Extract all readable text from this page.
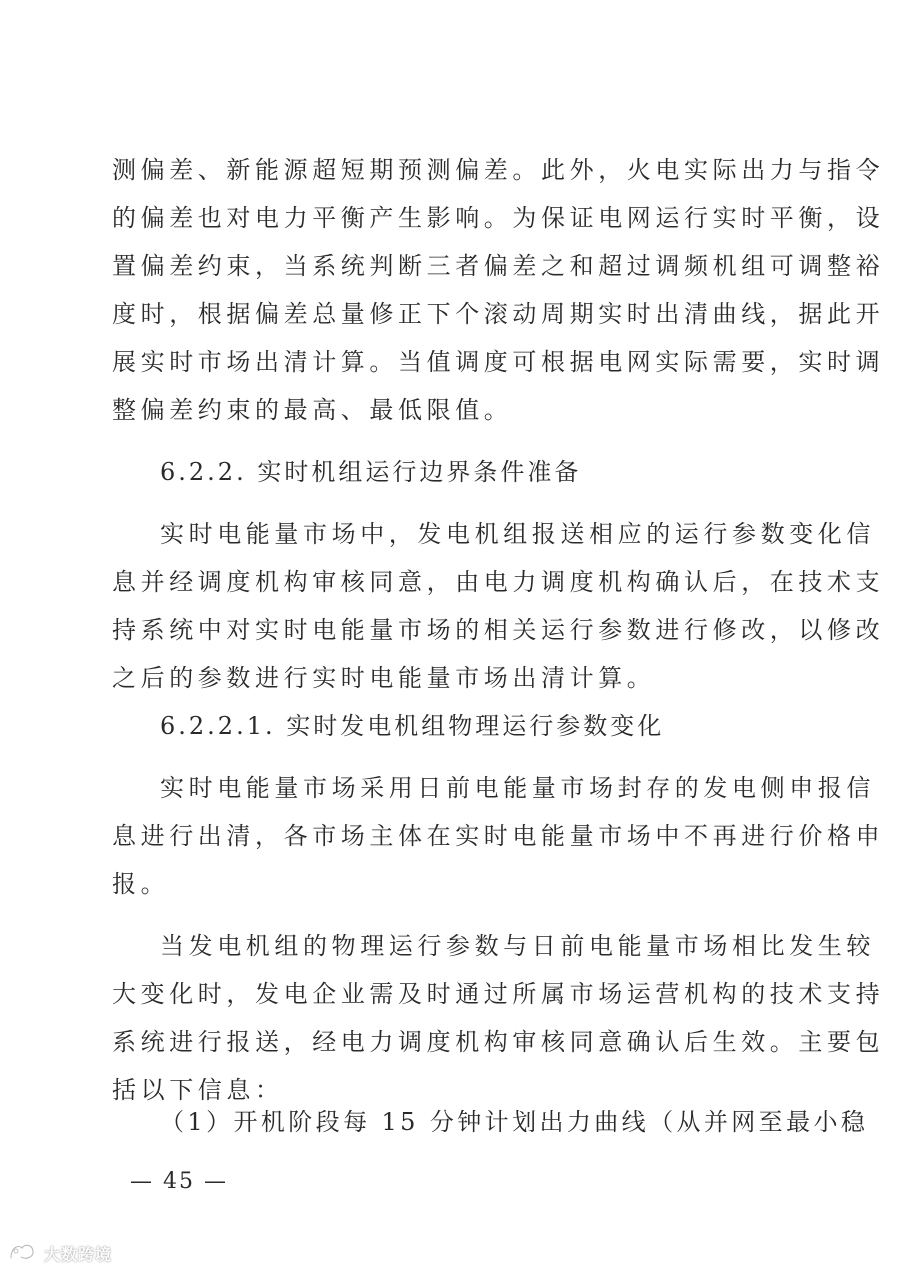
测偏差、新能源超短期预测偏差。此外，火电实际出力与指令
的偏差也对电力平衡产生影响。为保证电网运行实时平衡，设
置偏差约束，当系统判断三者偏差之和超过调频机组可调整裕
度时，根据偏差总量修正下个滚动周期实时出清曲线，据此开
展实时市场出清计算。当值调度可根据电网实际需要，实时调
整偏差约束的最高、最低限值。
6.2.2. 实时机组运行边界条件准备
实时电能量市场中，发电机组报送相应的运行参数变化信
息并经调度机构审核同意，由电力调度机构确认后，在技术支
持系统中对实时电能量市场的相关运行参数进行修改，以修改
之后的参数进行实时电能量市场出清计算。
6.2.2.1. 实时发电机组物理运行参数变化
实时电能量市场采用日前电能量市场封存的发电侧申报信
息进行出清，各市场主体在实时电能量市场中不再进行价格申
报。
当发电机组的物理运行参数与日前电能量市场相比发生较
大变化时，发电企业需及时通过所属市场运营机构的技术支持
系统进行报送，经电力调度机构审核同意确认后生效。主要包
括以下信息：
（1）开机阶段每 15 分钟计划出力曲线（从并网至最小稳
— 45 —
大数跨境
